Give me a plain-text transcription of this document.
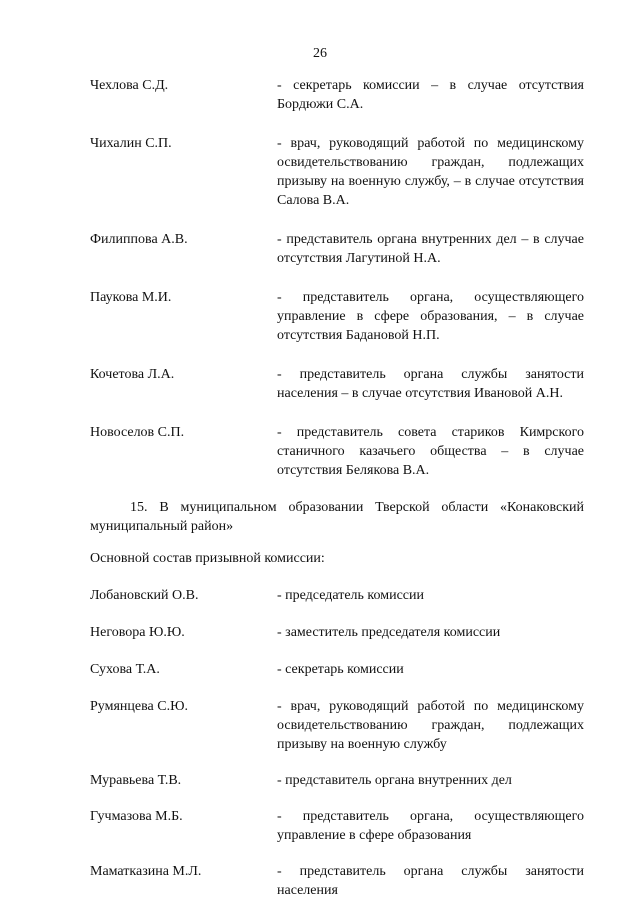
26
Чехлова С.Д.	- секретарь комиссии – в случае отсутствия Бордюжи С.А.
Чихалин С.П.	- врач, руководящий работой по медицинскому освидетельствованию граждан, подлежащих призыву на военную службу, – в случае отсутствия Салова В.А.
Филиппова А.В.	- представитель органа внутренних дел – в случае отсутствия Лагутиной Н.А.
Паукова М.И.	- представитель органа, осуществляющего управление в сфере образования, – в случае отсутствия Бадановой Н.П.
Кочетова Л.А.	- представитель органа службы занятости населения – в случае отсутствия Ивановой А.Н.
Новоселов С.П.	- представитель совета стариков Кимрского станичного казачьего общества – в случае отсутствия Белякова В.А.
15. В муниципальном образовании Тверской области «Конаковский муниципальный район»
Основной состав призывной комиссии:
Лобановский О.В.	- председатель комиссии
Неговора Ю.Ю.	- заместитель председателя комиссии
Сухова Т.А.	- секретарь комиссии
Румянцева С.Ю.	- врач, руководящий работой по медицинскому освидетельствованию граждан, подлежащих призыву на военную службу
Муравьева Т.В.	- представитель органа внутренних дел
Гучмазова М.Б.	- представитель органа, осуществляющего управление в сфере образования
Маматказина М.Л.	- представитель органа службы занятости населения
